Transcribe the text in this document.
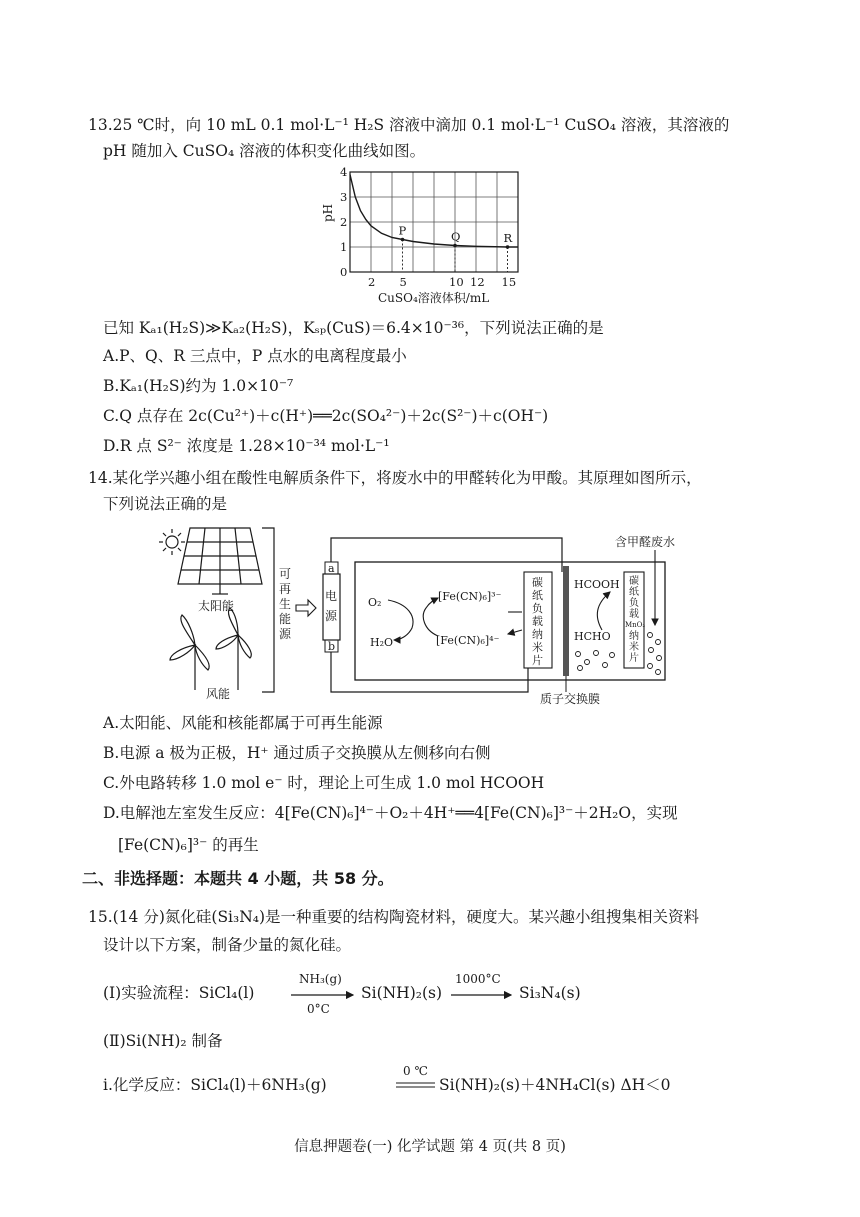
13.25 ℃时，向 10 mL 0.1 mol·L⁻¹ H₂S 溶液中滴加 0.1 mol·L⁻¹ CuSO₄ 溶液，其溶液的
pH 随加入 CuSO₄ 溶液的体积变化曲线如图。
2 5	10 12 15
0
1
2
3
4
P	Q	R
pH
CuSO₄溶液体积/mL
已知 Kₐ₁(H₂S)≫Kₐ₂(H₂S)，Kₛₚ(CuS)＝6.4×10⁻³⁶，下列说法正确的是
A.P、Q、R 三点中，P 点水的电离程度最小
B.Kₐ₁(H₂S)约为 1.0×10⁻⁷
C.Q 点存在 2c(Cu²⁺)＋c(H⁺)══2c(SO₄²⁻)＋2c(S²⁻)＋c(OH⁻)
D.R 点 S²⁻ 浓度是 1.28×10⁻³⁴ mol·L⁻¹
14.某化学兴趣小组在酸性电解质条件下，将废水中的甲醛转化为甲酸。其原理如图所示，
下列说法正确的是
太阳能
风能
可
再
生
能
源
a
b
电
源
碳
纸
负
载
纳
米
片
O₂
H₂O
[Fe(CN)₆]³⁻
[Fe(CN)₆]⁴⁻
HCOOH
HCHO
碳
纸
负
载
MnO₂
纳
米
片
含甲醛废水
质子交换膜
A.太阳能、风能和核能都属于可再生能源
B.电源 a 极为正极，H⁺ 通过质子交换膜从左侧移向右侧
C.外电路转移 1.0 mol e⁻ 时，理论上可生成 1.0 mol HCOOH
D.电解池左室发生反应：4[Fe(CN)₆]⁴⁻＋O₂＋4H⁺══4[Fe(CN)₆]³⁻＋2H₂O，实现
[Fe(CN)₆]³⁻ 的再生
二、非选择题：本题共 4 小题，共 58 分。
15.(14 分)氮化硅(Si₃N₄)是一种重要的结构陶瓷材料，硬度大。某兴趣小组搜集相关资料
设计以下方案，制备少量的氮化硅。
(Ⅰ)实验流程：SiCl₄(l)
NH₃(g)
0°C
Si(NH)₂(s)
1000°C
Si₃N₄(s)
(Ⅱ)Si(NH)₂ 制备
ⅰ.化学反应：SiCl₄(l)＋6NH₃(g)
0 ℃
Si(NH)₂(s)＋4NH₄Cl(s) ΔH＜0
信息押题卷(一) 化学试题 第 4 页(共 8 页)
